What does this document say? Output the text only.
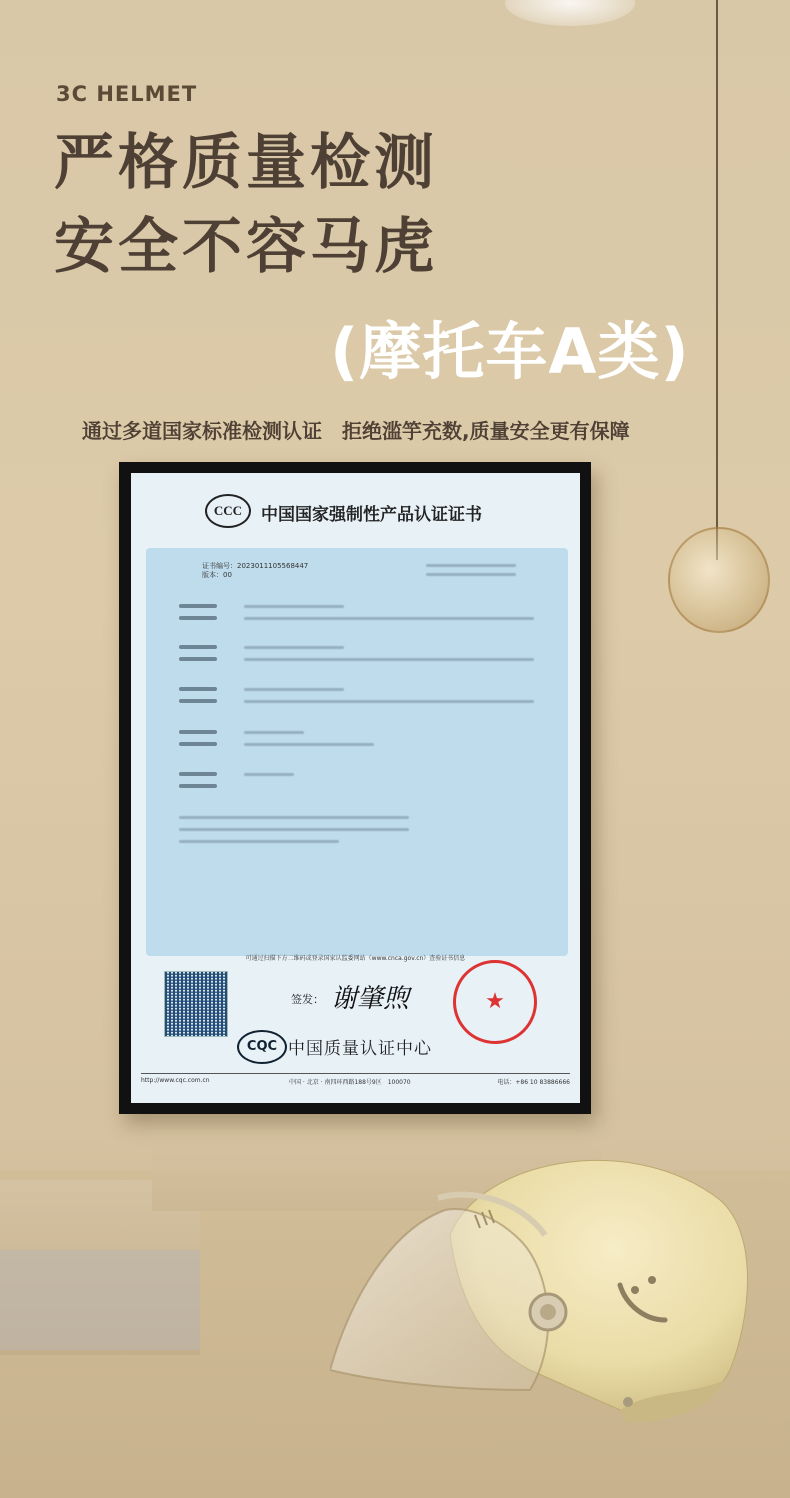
3C HELMET
严格质量检测
安全不容马虎
(摩托车A类)
通过多道国家标准检测认证　拒绝滥竽充数,质量安全更有保障
CCC	中国国家强制性产品认证证书
证书编号：2023011105568447
版本：00
可通过扫描下方二维码或登录国家认监委网站（www.cnca.gov.cn）查验证书信息
签发： 谢肇煦	★
CQC 中国质量认证中心
http://www.cqc.com.cn	中国 · 北京 · 南四环西路188号9区　100070	电话：+86 10 83886666
